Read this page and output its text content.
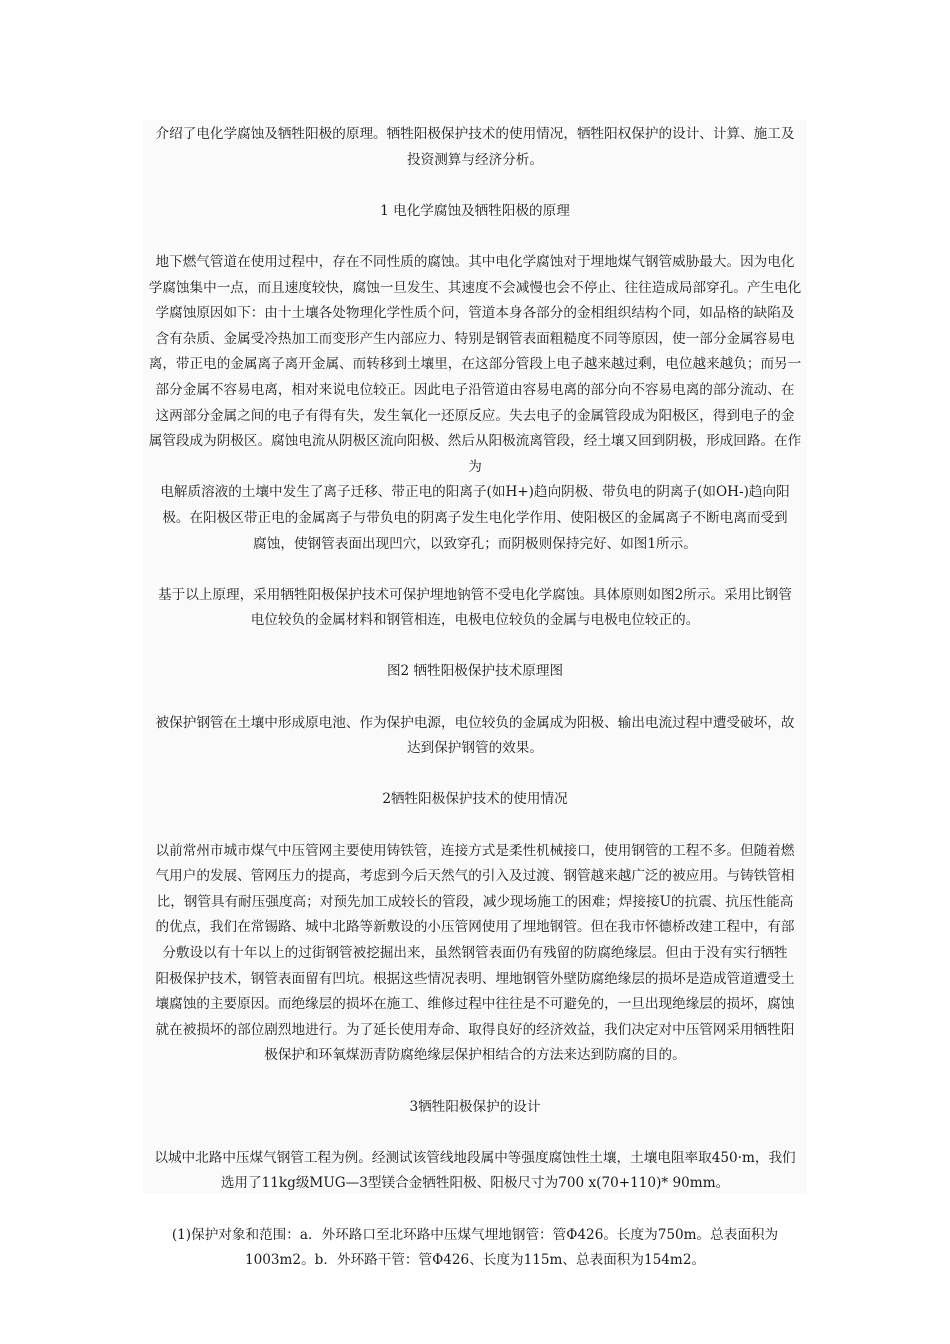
介绍了电化学腐蚀及牺牲阳极的原理。牺牲阳极保护技术的使用情况，牺牲阳权保护的设计、计算、施工及
投资测算与经济分析。
1 电化学腐蚀及牺牲阳极的原理
地下燃气管道在使用过程中，存在不同性质的腐蚀。其中电化学腐蚀对于埋地煤气钢管威胁最大。因为电化
学腐蚀集中一点，而且速度较快，腐蚀一旦发生、其速度不会减慢也会不停止、往往造成局部穿孔。产生电化
学腐蚀原因如下：由十土壤各处物理化学性质个问，管道本身各部分的金相组织结构个同，如品格的缺陷及
含有杂质、金属受冷热加工而变形产生内部应力、特别是钢管表面粗糙度不同等原因，使一部分金属容易电
离，带正电的金属离子离开金属、而转移到土壤里，在这部分管段上电子越来越过剩，电位越来越负；而另一
部分金属不容易电离，相对来说电位较正。因此电子沿管道由容易电离的部分向不容易电离的部分流动、在
这两部分金属之间的电子有得有失，发生氧化一还原反应。失去电子的金属管段成为阳极区，得到电子的金
属管段成为阴极区。腐蚀电流从阴极区流向阳极、然后从阳极流离管段，经土壤又回到阴极，形成回路。在作为
电解质溶液的土壤中发生了离子迁移、带正电的阳离子(如H+)趋向阴极、带负电的阴离子(如OH-)趋向阳
极。在阳极区带正电的金属离子与带负电的阴离子发生电化学作用、使阳极区的金属离子不断电离而受到
腐蚀，使钢管表面出现凹穴，以致穿孔；而阴极则保持完好、如图1所示。
基于以上原理，采用牺牲阳极保护技术可保护埋地钠管不受电化学腐蚀。具体原则如图2所示。采用比钢管
电位较负的金属材料和钢管相连，电极电位较负的金属与电极电位较正的。
图2 牺牲阳极保护技术原理图
被保护钢管在土壤中形成原电池、作为保护电源，电位较负的金属成为阳极、输出电流过程中遭受破坏，故
达到保护钢管的效果。
2牺牲阳极保护技术的使用情况
以前常州市城市煤气中压管网主要使用铸铁管，连接方式是柔性机械接口，使用钢管的工程不多。但随着燃
气用户的发展、管网压力的提高，考虑到今后天然气的引入及过渡、钢管越来越广泛的被应用。与铸铁管相
比，钢管具有耐压强度高；对预先加工成较长的管段，减少现场施工的困难；焊接接U的抗震、抗压性能高
的优点，我们在常锡路、城中北路等新敷设的小压管网使用了埋地钢管。但在我市怀德桥改建工程中，有部
分敷设以有十年以上的过街钢管被挖掘出来，虽然钢管表面仍有残留的防腐绝缘层。但由于没有实行牺牲
阳极保护技术，钢管表面留有凹坑。根据这些情况表明、埋地钢管外壁防腐绝缘层的损坏是造成管道遭受土
壤腐蚀的主要原因。而绝缘层的损坏在施工、维修过程中往往是不可避免的，一旦出现绝缘层的损坏，腐蚀
就在被损坏的部位剧烈地进行。为了延长使用寿命、取得良好的经济效益，我们决定对中压管网采用牺牲阳
极保护和环氧煤沥青防腐绝缘层保护相结合的方法来达到防腐的目的。
3牺牲阳极保护的设计
以城中北路中压煤气钢管工程为例。经测试该管线地段属中等强度腐蚀性土壤，土壤电阻率取450·m，我们
选用了11kg级MUG—3型镁合金牺牲阳极、阳极尺寸为700 x(70+110)* 90mm。
(1)保护对象和范围：a．外环路口至北环路中压煤气埋地钢管：管Φ426。长度为750m。总表面积为
1003m2。b．外环路干管：管Φ426、长度为115m、总表面积为154m2。
